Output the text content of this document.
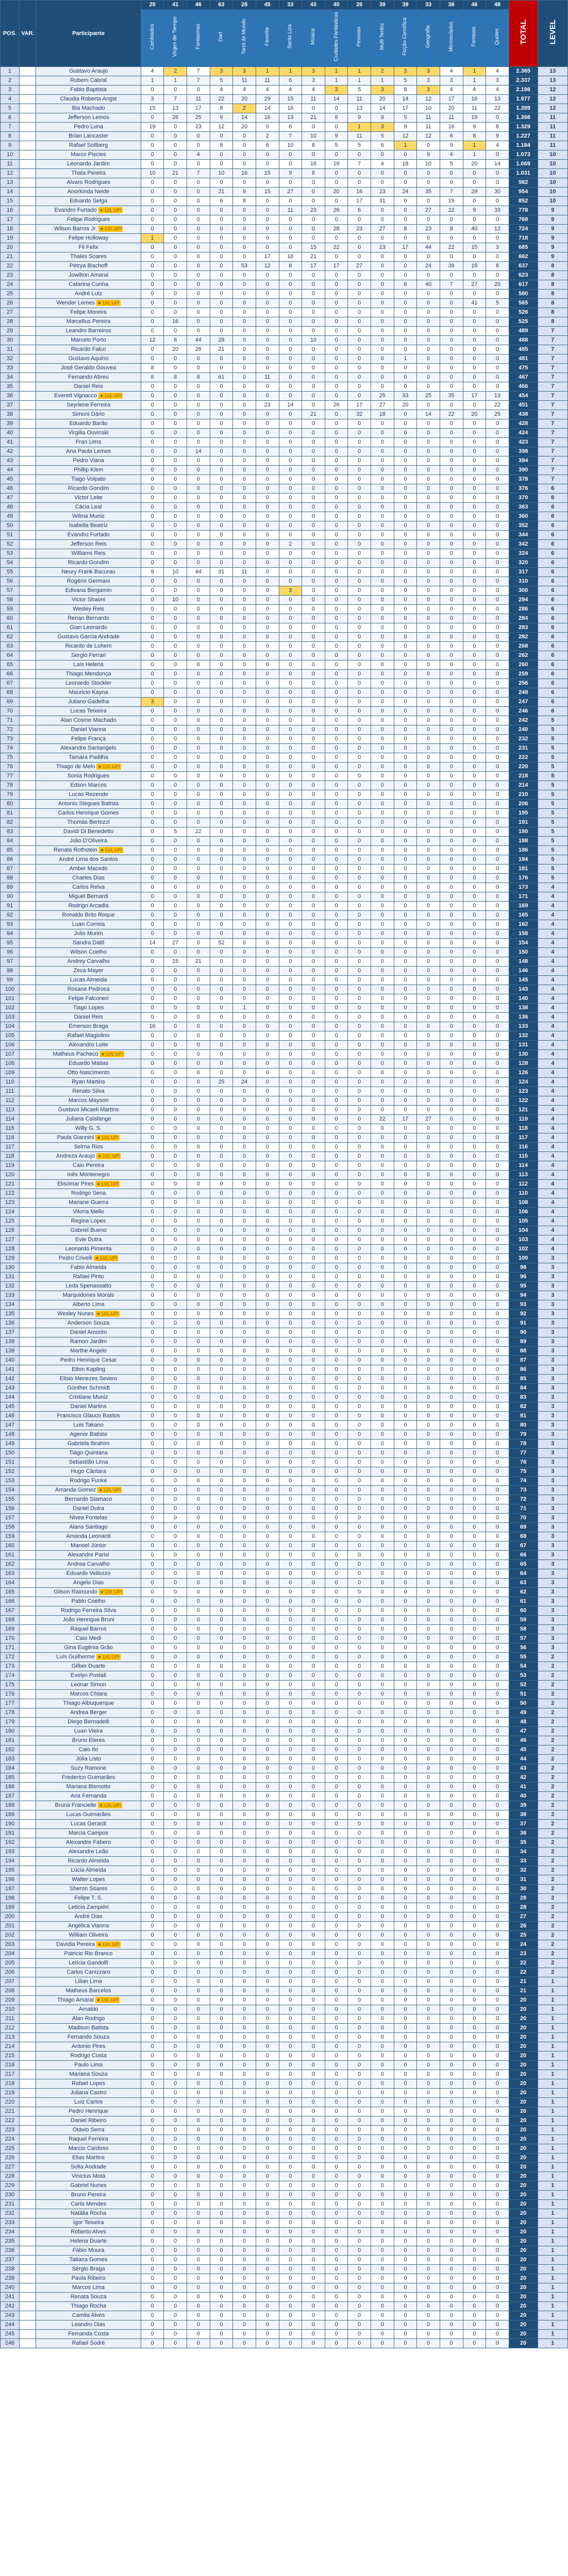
POS.	VAR.	Participante	29	41	46	63	28	45	33	43	40	26	39	39	33	36	46	48	TOTAL	LEVEL
			Cambiados	Virgen de Tiempo	Fantasmas	Dart	Tarot de Mundo	Favorita	Santa Liza	Música	Ciudades Fantásticas	Pessoas	Multi Tenkis	Ficção Científica	Geografia	Microscópios	Fantasia	Quotes		
1		Gustavo Araujo	4	2	7	3	3	1	1	3	1	1	2	3	3	4	1	4	2.365	13
2		Rubem Cabral	1	1	7	5	11	11	6	3	1	1	1	5	3	3	1	3	2.337	13
3		Fabio Baptista	0	0	0	4	4	4	4	4	3	5	3	8	3	4	4	4	2.196	12
4		Claudia Roberta Angst	3	7	11	22	20	29	15	11	14	11	20	14	12	17	16	13	1.977	12
5		Bia Machado	15	13	17	8	2	14	16	0	0	13	14	17	10	20	11	22	1.399	12
6		Jefferson Lemos	0	26	25	9	14	16	13	21	8	9	9	5	11	11	19	0	1.398	11
7		Pedro Luna	19	0	23	12	20	0	6	0	0	1	3	9	11	16	9	8	1.329	11
8		Brian Lancaster	0	0	0	0	0	2	7	10	9	11	5	12	12	6	8	9	1.227	11
9		Rafael Sollberg	0	0	0	8	0	6	10	8	5	5	6	1	0	9	1	4	1.184	11
10		Marco Piscies	0	0	4	0	0	0	0	0	0	0	0	0	9	4	1	0	1.073	10
11		Leonardo Jardim	0	0	0	0	0	0	0	16	19	7	4	18	10	5	20	14	1.069	10
12		Thata Pereira	10	21	7	10	16	15	9	8	0	0	0	0	0	0	0	0	1.031	10
13		Alvaro Rodrigues	0	0	0	0	0	0	0	0	0	0	0	0	0	0	0	0	982	10
14		Anorkinda Neide	0	0	0	21	9	15	27	0	20	16	23	24	35	7	29	30	954	10
15		Eduardo Selga	0	0	0	6	8	0	0	0	0	17	31	0	0	19	0	0	852	10
16		Evandro Furtado ★ LVL UP!	0	0	0	0	0	0	11	23	26	6	0	0	27	22	9	33	778	9
17		Felipe Rodrigues	0	0	0	0	0	0	0	0	0	0	0	0	0	0	0	0	768	9
18		Wilson Barros Jr. ★ LVL UP!	0	0	0	0	0	0	0	0	28	23	27	8	23	8	40	12	724	9
19		Felipe Holloway	1	0	0	0	0	0	0	0	0	0	0	0	0	0	0	0	718	9
20		Fil Felix	0	0	0	0	0	0	0	15	22	0	23	17	44	22	15	3	685	9
21		Thales Soares	0	0	0	0	0	17	18	21	0	0	0	0	0	0	0	0	662	9
22		Pétrya Bischoff	0	0	0	0	53	12	8	17	17	27	0	0	24	39	19	8	637	8
23		Jowilton Amaral	0	0	0	0	0	0	0	0	0	0	0	0	0	0	0	0	623	8
24		Catarina Cunha	0	0	0	0	0	0	0	0	0	0	0	6	40	7	27	20	617	8
25		André Lutz	0	0	0	0	0	0	0	0	0	0	0	0	0	0	0	0	580	8
26		Wender Lemes ★ LVL UP!	0	0	0	0	0	0	0	0	0	0	0	0	0	0	41	5	565	8
27		Felipe Moreira	0	0	0	0	0	0	0	0	0	0	0	0	0	0	0	0	526	8
28		Marcellus Pereira	0	16	0	0	0	0	0	0	0	0	0	0	0	0	0	0	525	8
29		Leandro Barreiros	0	0	0	0	0	0	0	0	0	0	0	0	0	0	0	0	489	7
30		Marcelo Porto	12	8	44	28	0	0	0	10	0	0	0	0	0	0	0	0	488	7
31		Ricardo Falco	0	20	26	21	0	0	0	0	0	0	0	0	0	0	0	0	485	7
32		Gustavo Aquino	0	0	0	0	0	0	0	0	0	0	0	1	0	0	0	0	481	7
33		José Geraldo Gouvea	8	0	0	0	0	0	0	0	0	0	0	0	0	0	0	0	475	7
34		Fernando Abreu	8	8	8	61	0	11	0	0	0	0	0	0	0	0	0	0	467	7
35		Daniel Reis	0	0	0	0	0	0	0	0	0	0	0	0	0	0	0	0	466	7
36		Everett Vignacco ★ LVL UP!	0	0	0	0	0	0	0	0	0	0	25	33	25	35	17	13	454	7
37		Seyrlene Ferreira	0	0	0	0	0	23	14	0	26	17	27	20	0	0	0	22	451	7
38		Simoni Dário	0	0	0	0	0	0	0	21	0	32	18	0	14	22	20	25	438	7
39		Eduardo Barão	0	0	0	0	0	0	0	0	0	0	0	0	0	0	0	0	428	7
40		Virgilia Ouvinski	0	0	0	0	0	0	0	0	0	0	0	0	0	0	0	0	424	7
41		Fran Lima	0	0	0	0	0	0	0	0	0	0	0	0	0	0	0	0	423	7
42		Ana Paula Lemes	0	0	14	0	0	0	0	0	0	0	0	0	0	0	0	0	398	7
43		Pedro Viana	0	0	0	0	0	0	0	0	0	0	0	0	0	0	0	0	394	7
44		Phillip Klem	0	0	0	0	0	0	0	0	0	0	0	0	0	0	0	0	390	7
45		Tiago Volpato	0	0	0	0	0	0	0	0	0	0	0	0	0	0	0	0	378	7
46		Ricardo Gondim	0	0	0	0	0	0	0	0	0	0	0	0	0	0	0	0	376	6
47		Victor Leite	0	0	0	0	0	0	0	0	0	0	0	0	0	0	0	0	370	6
48		Cácia Leal	0	0	0	0	0	0	0	0	0	0	0	0	0	0	0	0	363	6
49		Wilma Muniz	0	0	0	0	0	0	0	0	0	0	0	0	0	0	0	0	360	6
50		Isabella Beatriz	0	0	0	0	0	0	0	0	0	0	0	0	0	0	0	0	352	6
51		Evandro Furtado	0	0	0	0	0	0	0	0	0	0	0	0	0	0	0	0	344	6
52		Jefferson Reis	0	0	0	0	0	0	2	0	0	0	0	0	0	0	0	0	342	6
53		Williams Reis	0	0	0	0	0	0	0	0	0	0	0	0	0	0	0	0	324	6
54		Ricardo Gondim	0	0	0	0	0	0	0	0	0	0	0	0	0	0	0	0	320	6
55		Neury Frank Bacurau	9	10	44	31	11	0	0	0	0	0	0	0	0	0	0	0	317	6
56		Rogério Germani	0	0	0	0	0	0	0	0	0	0	0	0	0	0	0	0	310	6
57		Edivana Bergamin	0	0	0	0	0	0	3	0	0	0	0	0	0	0	0	0	300	6
58		Victor Shaoni	0	10	0	0	0	0	0	0	0	0	0	0	0	0	0	0	294	6
59		Wesley Reis	0	0	0	0	0	0	0	0	0	0	0	0	0	0	0	0	286	6
60		Renan Bernardo	0	0	0	0	0	0	0	0	0	0	0	0	0	0	0	0	284	6
61		Gian Leonardo	0	0	0	0	0	0	0	0	0	0	0	0	0	0	0	0	283	6
62		Gustavo Garcia Andrade	0	0	0	0	0	0	0	0	0	0	0	0	0	0	0	0	282	6
63		Ricardo de Lohem	0	0	0	0	0	0	0	0	0	0	0	0	0	0	0	0	268	6
64		Sergio Ferrari	0	0	0	0	0	0	0	0	0	0	0	0	0	0	0	0	262	6
65		Laís Helena	0	0	0	0	0	0	0	0	0	0	0	0	0	0	0	0	260	6
66		Thiago Mendonça	0	0	0	0	0	0	0	0	0	0	0	0	0	0	0	0	259	6
67		Leonardo Stockler	0	0	0	0	0	0	0	0	0	0	0	0	0	0	0	0	256	6
68		Mauricio Kayna	0	0	0	0	0	0	0	0	0	0	0	0	0	0	0	0	248	6
69		Juliano Gadelha	3	0	0	0	0	0	0	0	0	0	0	0	0	0	0	0	247	6
70		Lucas Teixeira	0	0	0	0	0	0	0	0	0	0	0	0	0	0	0	0	246	6
71		Alan Cosme Machado	0	0	0	0	0	0	0	0	0	0	0	0	0	0	0	0	242	5
72		Daniel Vianna	0	0	0	0	0	0	0	0	0	0	0	0	0	0	0	0	240	5
73		Felipe França	0	0	0	0	0	0	0	0	0	0	0	0	0	0	0	0	232	5
74		Alexandre Santangelo	0	0	0	0	0	0	0	0	0	0	0	0	0	0	0	0	231	5
75		Tamara Padilha	0	0	0	0	0	0	0	0	0	0	0	0	0	0	0	0	222	5
76		Thiago de Melo ★ LVL UP!	0	0	0	0	0	0	0	0	0	0	0	0	0	0	0	0	220	5
77		Sonia Rodrigues	0	0	0	0	0	0	0	0	0	0	0	0	0	0	0	0	218	5
78		Edson Marcos	0	0	0	0	0	0	0	0	0	0	0	0	0	0	0	0	214	5
79		Lucas Rezende	0	0	0	0	0	0	0	0	0	0	0	0	0	0	0	0	210	5
80		Antonio Stegues Batista	0	0	0	0	0	0	0	0	0	0	0	0	0	0	0	0	206	5
81		Carlos Henrique Gomes	0	0	0	0	0	0	0	0	0	0	0	0	0	0	0	0	195	5
82		Thomás Bertozzi	0	0	0	0	0	0	0	0	0	0	0	0	0	0	0	0	191	5
83		Davidi Di Benedetto	0	5	22	0	0	0	0	0	0	0	0	0	0	0	0	0	190	5
84		Júlio D'Oliveira	0	0	0	0	0	0	0	0	0	0	0	0	0	0	0	0	188	5
85		Renata Rothstein ★ LVL UP!	0	0	0	0	0	0	0	0	0	0	0	0	0	0	0	0	186	5
86		André Lima dos Santos	0	0	0	0	0	0	0	0	0	0	0	0	0	0	0	0	184	5
87		Amber Macedo	0	0	0	0	0	0	0	0	0	0	0	0	0	0	0	0	181	5
88		Charles Dias	0	0	0	0	0	0	0	0	0	0	0	0	0	0	0	0	176	5
89		Carlos Relva	0	0	0	0	0	0	0	0	0	0	0	0	0	0	0	0	173	4
90		Miguel Bernardi	0	0	0	0	0	0	0	0	0	0	0	0	0	0	0	0	171	4
91		Rodrigo Arcadia	0	0	0	0	0	0	0	0	0	0	0	0	0	0	0	0	169	4
92		Ronaldo Brito Roque	0	0	0	0	0	0	0	0	0	0	0	0	0	0	0	0	165	4
93		Luan Correia	0	0	0	0	0	0	0	0	0	0	0	0	0	0	0	0	162	4
94		Julio Murim	0	0	0	0	0	0	0	0	0	0	0	0	0	0	0	0	158	4
95		Sandra Dattl	14	27	0	52	0	0	0	0	0	0	0	0	0	0	0	0	154	4
96		Wilson Coelho	0	0	0	0	0	0	0	0	0	0	0	0	0	0	0	0	150	4
97		Andrey Carvalho	0	15	21	0	0	0	0	0	0	0	0	0	0	0	0	0	148	4
98		Zeca Mayer	0	0	0	0	0	0	0	0	0	0	0	0	0	0	0	0	146	4
99		Lucas Almeida	0	0	0	0	0	0	0	0	0	0	0	0	0	0	0	0	145	4
100		Rosane Pedrosa	0	0	0	0	0	0	0	0	0	0	0	0	0	0	0	0	143	4
101		Felipe Falconeri	0	0	0	0	0	0	0	0	0	0	0	0	0	0	0	0	140	4
102		Tiago Lopes	0	0	0	0	1	0	0	0	0	0	0	0	0	0	0	0	138	4
103		Daniel Reis	0	0	0	0	0	0	0	0	0	0	0	0	0	0	0	0	136	4
104		Emerson Braga	16	0	0	0	0	0	0	0	0	0	0	0	0	0	0	0	133	4
105		Rafael Magiolino	0	0	0	0	0	0	0	0	0	0	0	0	0	0	0	0	132	4
106		Alexandro Leite	0	0	0	0	0	0	0	0	0	0	0	0	0	0	0	0	131	4
107		Matheus Pacheco ★ LVL UP!	0	0	0	0	0	0	0	0	0	0	0	0	0	0	0	0	130	4
108		Eduardo Matias	0	0	0	0	0	0	0	0	0	0	0	0	0	0	0	0	128	4
109		Otto Nascimento	0	0	0	0	0	0	0	0	0	0	0	0	0	0	0	0	126	4
110		Ryan Martins	0	0	0	25	24	0	0	0	0	0	0	0	0	0	0	0	124	4
111		Renato Silva	0	0	0	0	0	0	0	0	0	0	0	0	0	0	0	0	123	4
112		Marcos Mayson	0	0	0	0	0	0	0	0	0	0	0	0	0	0	0	0	122	4
113		Gustavo Micaeli Martins	0	0	0	0	0	0	0	0	0	0	0	0	0	0	0	0	121	4
114		Juliana Calafange	0	0	0	0	0	0	0	0	0	0	22	17	27	0	0	0	119	4
115		Willy G. S.	0	0	0	0	0	0	0	0	0	0	0	0	0	0	0	0	118	4
116		Paula Giannini ★ LVL UP!	0	0	0	0	0	0	0	0	0	0	0	0	0	0	0	0	117	4
117		Selma Rios	0	0	0	0	0	0	0	0	0	0	0	0	0	0	0	0	116	4
118		Andreza Araujo ★ LVL UP!	0	0	0	0	0	0	0	0	0	0	0	0	0	0	0	0	115	4
119		Caio Pereira	0	0	0	0	0	0	0	0	0	0	0	0	0	0	0	0	114	4
120		Inês Montenegro	0	0	0	0	0	0	0	0	0	0	0	0	0	0	0	0	113	4
121		Elisomar Pires ★ LVL UP!	0	0	0	0	0	0	0	0	0	0	0	0	0	0	0	0	112	4
122		Rodrigo Sena	0	0	0	0	0	0	0	0	0	0	0	0	0	0	0	0	110	4
123		Mariane Guerra	0	0	0	0	0	0	0	0	0	0	0	0	0	0	0	0	108	4
124		Vitoria Mello	0	0	0	0	0	0	0	0	0	0	0	0	0	0	0	0	106	4
125		Regina Lopes	0	0	0	0	0	0	0	0	0	0	0	0	0	0	0	0	105	4
126		Gabriel Bueno	0	0	0	0	0	0	0	0	0	0	0	0	0	0	0	0	104	4
127		Evie Dutra	0	0	0	0	0	0	0	0	0	0	0	0	0	0	0	0	103	4
128		Leonardo Pimenta	0	0	0	0	0	0	0	0	0	0	0	0	0	0	0	0	102	4
129		Pedro Crivelli ★ LVL UP!	0	0	0	0	0	0	0	0	0	0	0	0	0	0	0	0	100	3
130		Fabio Almeida	0	0	0	0	0	0	0	0	0	0	0	0	0	0	0	0	98	3
131		Rafael Pinto	0	0	0	0	0	0	0	0	0	0	0	0	0	0	0	0	96	3
132		Leda Spenassatto	0	0	0	0	0	0	0	0	0	0	0	0	0	0	0	0	95	3
133		Marquidones Morais	0	0	0	0	0	0	0	0	0	0	0	0	0	0	0	0	94	3
134		Alberto Lima	0	0	0	0	0	0	0	0	0	0	0	0	0	0	0	0	93	3
135		Wesley Nunes ★ LVL UP!	0	0	0	0	0	0	0	0	0	0	0	0	0	0	0	0	92	3
136		Anderson Souza	0	0	0	0	0	0	0	0	0	0	0	0	0	0	0	0	91	3
137		Daniel Amorim	0	0	0	0	0	0	0	0	0	0	0	0	0	0	0	0	90	3
138		Ramon Jardim	0	0	0	0	0	0	0	0	0	0	0	0	0	0	0	0	89	3
139		Marthe Angelo	0	0	0	0	0	0	0	0	0	0	0	0	0	0	0	0	88	3
140		Pedro Henrique Cesar	0	0	0	0	0	0	0	0	0	0	0	0	0	0	0	0	87	3
141		Elton Kapling	0	0	0	0	0	0	0	0	0	0	0	0	0	0	0	0	86	3
142		Elisio Menezes Severo	0	0	0	0	0	0	0	0	0	0	0	0	0	0	0	0	85	3
143		Günther Schmidt	0	0	0	0	0	0	0	0	0	0	0	0	0	0	0	0	84	3
144		Cristiane Muniz	0	0	0	0	0	0	0	0	0	0	0	0	0	0	0	0	83	3
145		Daniel Martins	0	0	0	0	0	0	0	0	0	0	0	0	0	0	0	0	82	3
146		Francisco Glauco Bastos	0	0	0	0	0	0	0	0	0	0	0	0	0	0	0	0	81	3
147		Luis Takano	0	0	0	0	0	0	0	0	0	0	0	0	0	0	0	0	80	3
148		Agenor Batista	0	0	0	0	0	0	0	0	0	0	0	0	0	0	0	0	79	3
149		Gabriela Ibrahim	0	0	0	0	0	0	0	0	0	0	0	0	0	0	0	0	78	3
150		Tiago Quintana	0	0	0	0	0	0	0	0	0	0	0	0	0	0	0	0	77	3
151		Sebastião Lima	0	0	0	0	0	0	0	0	0	0	0	0	0	0	0	0	76	3
152		Hugo Cântara	0	0	0	0	0	0	0	0	0	0	0	0	0	0	0	0	75	3
153		Rodrigo Funke	0	0	0	0	0	0	0	0	0	0	0	0	0	0	0	0	74	3
154		Amanda Gomez ★ LVL UP!	0	0	0	0	0	0	0	0	0	0	0	0	0	0	0	0	73	3
155		Bernardo Stamaco	0	0	0	0	0	0	0	0	0	0	0	0	0	0	0	0	72	3
156		Daniel Dutra	0	0	0	0	0	0	0	0	0	0	0	0	0	0	0	0	71	3
157		Nivea Fontelas	0	0	0	0	0	0	0	0	0	0	0	0	0	0	0	0	70	3
158		Alana Santiago	0	0	0	0	0	0	0	0	0	0	0	0	0	0	0	0	69	3
159		Amanda Leonardi	0	0	0	0	0	0	0	0	0	0	0	0	0	0	0	0	68	3
160		Manoel Júnior	0	0	0	0	0	0	0	0	0	0	0	0	0	0	0	0	67	3
161		Alexandre Parisi	0	0	0	0	0	0	0	0	0	0	0	0	0	0	0	0	66	3
162		Andrea Carvalho	0	0	0	0	0	0	0	0	0	0	0	0	0	0	0	0	65	3
163		Eduardo Vellozzo	0	0	0	0	0	0	0	0	0	0	0	0	0	0	0	0	64	3
164		Angelo Dias	0	0	0	0	0	0	0	0	0	0	0	0	0	0	0	0	63	3
165		Gilson Raimundo ★ LVL UP!	0	0	0	0	0	0	0	0	0	0	0	0	0	0	0	0	62	3
166		Pablo Coelho	0	0	0	0	0	0	0	0	0	0	0	0	0	0	0	0	61	3
167		Rodrigo Ferreira Silva	0	0	0	0	0	0	0	0	0	0	0	0	0	0	0	0	60	3
168		João Henrique Bruni	0	0	0	0	0	0	0	0	0	0	0	0	0	0	0	0	59	3
169		Raquel Barros	0	0	0	0	0	0	0	0	0	0	0	0	0	0	0	0	58	3
170		Caio Medi	0	0	0	0	0	0	0	0	0	0	0	0	0	0	0	0	57	3
171		Gina Eugênia Grão	0	0	0	0	0	0	0	0	0	0	0	0	0	0	0	0	56	3
172		Luís Guilherme ★ LVL UP!	0	0	0	0	0	0	0	0	0	0	0	0	0	0	0	0	55	2
173		Gilber Duarte	0	0	0	0	0	0	0	0	0	0	0	0	0	0	0	0	54	2
174		Evelyn Postali	0	0	0	0	0	0	0	0	0	0	0	0	0	0	0	0	53	2
175		Leonar Simon	0	0	0	0	0	0	0	0	0	0	0	0	0	0	0	0	52	2
176		Marcos Chiara	0	0	0	0	0	0	0	0	0	0	0	0	0	0	0	0	51	2
177		Thiago Albuquerque	0	0	0	0	0	0	0	0	0	0	0	0	0	0	0	0	50	2
178		Andrea Berger	0	0	0	0	0	0	0	0	0	0	0	0	0	0	0	0	49	2
179		Diego Bernadelli	0	0	0	0	0	0	0	0	0	0	0	0	0	0	0	0	48	2
180		Luan Vieira	0	0	0	0	0	0	0	0	0	0	0	0	0	0	0	0	47	2
181		Bruno Eleres	0	0	0	0	0	0	0	0	0	0	0	0	0	0	0	0	46	2
182		Caio Ito	0	0	0	0	0	0	0	0	0	0	0	0	0	0	0	0	45	2
183		Júlia Listo	0	0	0	0	0	0	0	0	0	0	0	0	0	0	0	0	44	2
184		Suzy Ramone	0	0	0	0	0	0	0	0	0	0	0	0	0	0	0	0	43	2
185		Frederico Guimarães	0	0	0	0	0	0	0	0	0	0	0	0	0	0	0	0	42	2
186		Mariana Bismotto	0	0	0	0	0	0	0	0	0	0	0	0	0	0	0	0	41	2
187		Ana Fernanda	0	0	0	0	0	0	0	0	0	0	0	0	0	0	0	0	40	2
188		Bruna Francielle ★ LVL UP!	0	0	0	0	0	0	0	0	0	0	0	0	0	0	0	0	39	2
189		Lucas Guimarães	0	0	0	0	0	0	0	0	0	0	0	0	0	0	0	0	38	2
190		Lucas Gerardi	0	0	0	0	0	0	0	0	0	0	0	0	0	0	0	0	37	2
191		Marcia Campos	0	0	0	0	0	0	0	0	0	0	0	0	0	0	0	0	36	2
192		Alexandre Fabero	0	0	0	0	0	0	0	0	0	0	0	0	0	0	0	0	35	2
193		Alexandre Leão	0	0	0	0	0	0	0	0	0	0	0	0	0	0	0	0	34	2
194		Ricardo Almeida	0	0	0	0	0	0	0	0	0	0	0	0	0	0	0	0	33	2
195		Lúcia Almeida	0	0	0	0	0	0	0	0	0	0	0	0	0	0	0	0	32	2
196		Walter Lopes	0	0	0	0	0	0	0	0	0	0	0	0	0	0	0	0	31	2
197		Sheron Soares	0	0	0	0	0	0	0	0	0	0	0	0	0	0	0	0	30	2
198		Felipe T. S.	0	0	0	0	0	0	0	0	0	0	0	0	0	0	0	0	29	2
199		Letícia Zampiêri	0	0	0	0	0	0	0	0	0	0	0	0	0	0	0	0	28	2
200		André Dias	0	0	0	0	0	0	0	0	0	0	0	0	0	0	0	0	27	2
201		Angélica Vianna	0	0	0	0	0	0	0	0	0	0	0	0	0	0	0	0	26	2
202		William Oliveira	0	0	0	0	0	0	0	0	0	0	0	0	0	0	0	0	25	2
203		Davidia Pereira ★ LVL UP!	0	0	0	0	0	0	0	0	0	0	0	0	0	0	0	0	24	2
204		Patricio Rio Branco	0	0	0	0	0	0	0	0	0	0	0	0	0	0	0	0	23	2
205		Letícia Gandolfi	0	0	0	0	0	0	0	0	0	0	0	0	0	0	0	0	22	2
206		Carlos Canizzaro	0	0	0	0	0	0	0	0	0	0	0	0	0	0	0	0	22	2
207		Lilian Lima	0	0	0	0	0	0	0	0	0	0	0	0	0	0	0	0	21	1
208		Matheus Barcelos	0	0	0	0	0	0	0	0	0	0	0	0	0	0	0	0	21	1
209		Thiago Amaral ★ LVL UP!	0	0	0	0	0	0	0	0	0	0	0	0	0	0	0	0	20	1
210		Arnaldo	0	0	0	0	0	0	0	0	0	0	0	0	0	0	0	0	20	1
211		Alan Rodrigo	0	0	0	0	0	0	0	0	0	0	0	0	0	0	0	0	20	1
212		Madison Batista	0	0	0	0	0	0	0	0	0	0	0	0	0	0	0	0	20	1
213		Fernando Souza	0	0	0	0	0	0	0	0	0	0	0	0	0	0	0	0	20	1
214		Antonio Pires	0	0	0	0	0	0	0	0	0	0	0	0	0	0	0	0	20	1
215		Rodrigo Costa	0	0	0	0	0	0	0	0	0	0	0	0	0	0	0	0	20	1
216		Paulo Lima	0	0	0	0	0	0	0	0	0	0	0	0	0	0	0	0	20	1
217		Mariana Souza	0	0	0	0	0	0	0	0	0	0	0	0	0	0	0	0	20	1
218		Rafael Lopes	0	0	0	0	0	0	0	0	0	0	0	0	0	0	0	0	20	1
219		Juliana Castro	0	0	0	0	0	0	0	0	0	0	0	0	0	0	0	0	20	1
220		Luiz Carlos	0	0	0	0	0	0	0	0	0	0	0	0	0	0	0	0	20	1
221		Pedro Henrique	0	0	0	0	0	0	0	0	0	0	0	0	0	0	0	0	20	1
222		Daniel Ribeiro	0	0	0	0	0	0	0	0	0	0	0	0	0	0	0	0	20	1
223		Otávio Serra	0	0	0	0	0	0	0	0	0	0	0	0	0	0	0	0	20	1
224		Raquel Ferreira	0	0	0	0	0	0	0	0	0	0	0	0	0	0	0	0	20	1
225		Marcio Cardoso	0	0	0	0	0	0	0	0	0	0	0	0	0	0	0	0	20	1
226		Elias Martins	0	0	0	0	0	0	0	0	0	0	0	0	0	0	0	0	20	1
227		Sofia Andrade	0	0	0	0	0	0	0	0	0	0	0	0	0	0	0	0	20	1
228		Vinicius Mota	0	0	0	0	0	0	0	0	0	0	0	0	0	0	0	0	20	1
229		Gabriel Nunes	0	0	0	0	0	0	0	0	0	0	0	0	0	0	0	0	20	1
230		Bruno Pereira	0	0	0	0	0	0	0	0	0	0	0	0	0	0	0	0	20	1
231		Carla Mendes	0	0	0	0	0	0	0	0	0	0	0	0	0	0	0	0	20	1
232		Natália Rocha	0	0	0	0	0	0	0	0	0	0	0	0	0	0	0	0	20	1
233		Igor Teixeira	0	0	0	0	0	0	0	0	0	0	0	0	0	0	0	0	20	1
234		Roberto Alves	0	0	0	0	0	0	0	0	0	0	0	0	0	0	0	0	20	1
235		Helena Duarte	0	0	0	0	0	0	0	0	0	0	0	0	0	0	0	0	20	1
236		Fábio Moura	0	0	0	0	0	0	0	0	0	0	0	0	0	0	0	0	20	1
237		Tatiana Gomes	0	0	0	0	0	0	0	0	0	0	0	0	0	0	0	0	20	1
238		Sérgio Braga	0	0	0	0	0	0	0	0	0	0	0	0	0	0	0	0	20	1
239		Paula Ribeiro	0	0	0	0	0	0	0	0	0	0	0	0	0	0	0	0	20	1
240		Marcos Lima	0	0	0	0	0	0	0	0	0	0	0	0	0	0	0	0	20	1
241		Renata Souza	0	0	0	0	0	0	0	0	0	0	0	0	0	0	0	0	20	1
242		Thiago Rocha	0	0	0	0	0	0	0	0	0	0	0	0	0	0	0	0	20	1
243		Camila Alves	0	0	0	0	0	0	0	0	0	0	0	0	0	0	0	0	20	1
244		Leandro Dias	0	0	0	0	0	0	0	0	0	0	0	0	0	0	0	0	20	1
245		Fernanda Costa	0	0	0	0	0	0	0	0	0	0	0	0	0	0	0	0	20	1
246		Rafael Sodré	0	0	0	0	0	0	0	0	0	0	0	0	0	0	0	0	20	1
